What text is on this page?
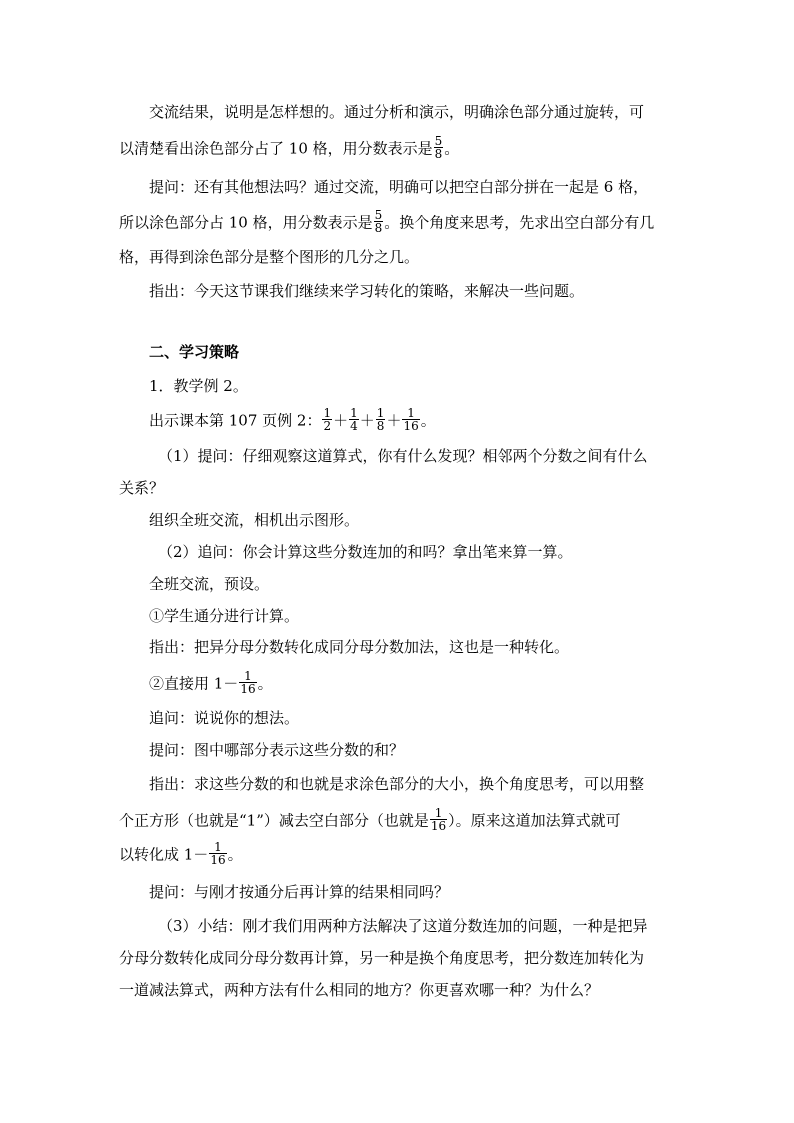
交流结果，说明是怎样想的。通过分析和演示，明确涂色部分通过旋转，可
以清楚看出涂色部分占了 10 格，用分数表示是 $\frac{5}{8}$ 。
提问：还有其他想法吗？通过交流，明确可以把空白部分拼在一起是 6 格，
所以涂色部分占 10 格，用分数表示是 $\frac{5}{8}$ 。换个角度来思考，先求出空白部分有几
格，再得到涂色部分是整个图形的几分之几。
指出：今天这节课我们继续来学习转化的策略，来解决一些问题。
二、学习策略
1．教学例 2。
出示课本第 107 页例 2： $\frac{1}{2} + \frac{1}{4} + \frac{1}{8} + \frac{1}{16}$ 。
（1）提问：仔细观察这道算式，你有什么发现？相邻两个分数之间有什么
关系？
组织全班交流，相机出示图形。
（2）追问：你会计算这些分数连加的和吗？拿出笔来算一算。
全班交流，预设。
①学生通分进行计算。
指出：把异分母分数转化成同分母分数加法，这也是一种转化。
②直接用 $1- \frac{1}{16}$ 。
追问：说说你的想法。
提问：图中哪部分表示这些分数的和？
指出：求这些分数的和也就是求涂色部分的大小，换个角度思考，可以用整
个正方形（也就是“1”）减去空白部分（也就是 $\frac{1}{16}$ ）。原来这道加法算式就可
以转化成 $1- \frac{1}{16}$ 。
提问：与刚才按通分后再计算的结果相同吗？
（3）小结：刚才我们用两种方法解决了这道分数连加的问题，一种是把异
分母分数转化成同分母分数再计算，另一种是换个角度思考，把分数连加转化为
一道减法算式，两种方法有什么相同的地方？你更喜欢哪一种？为什么？
